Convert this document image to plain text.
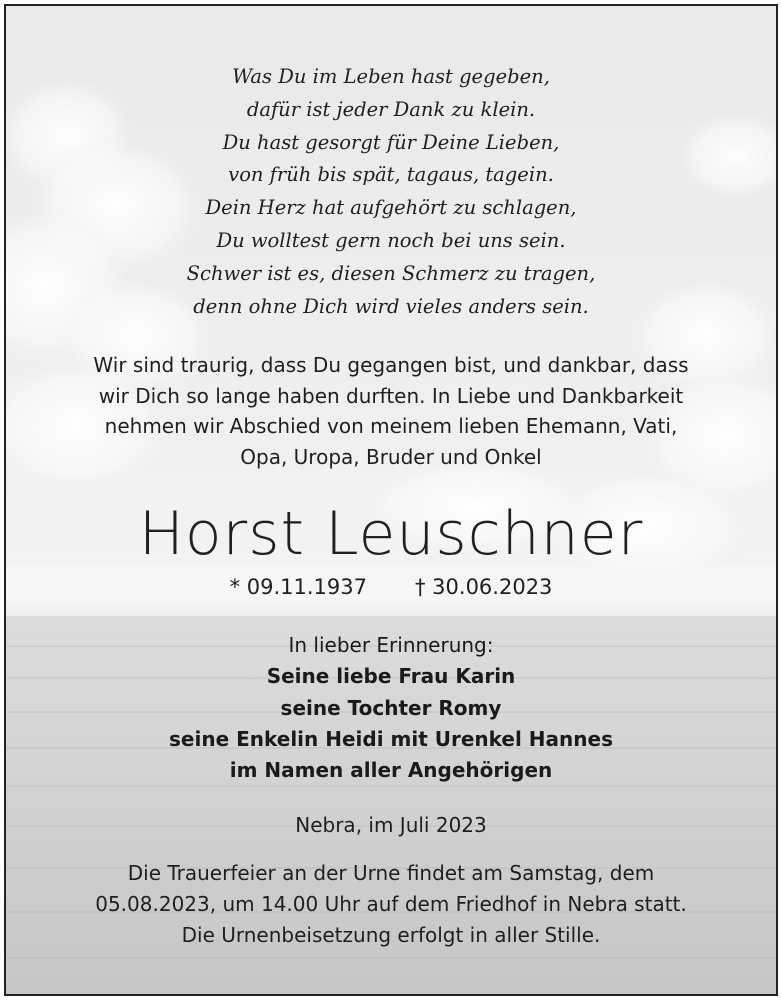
Was Du im Leben hast gegeben,
dafür ist jeder Dank zu klein.
Du hast gesorgt für Deine Lieben,
von früh bis spät, tagaus, tagein.
Dein Herz hat aufgehört zu schlagen,
Du wolltest gern noch bei uns sein.
Schwer ist es, diesen Schmerz zu tragen,
denn ohne Dich wird vieles anders sein.
Wir sind traurig, dass Du gegangen bist, und dankbar, dass
wir Dich so lange haben durften. In Liebe und Dankbarkeit
nehmen wir Abschied von meinem lieben Ehemann, Vati,
Opa, Uropa, Bruder und Onkel
Horst Leuschner
* 09.11.1937 † 30.06.2023
In lieber Erinnerung:
Seine liebe Frau Karin
seine Tochter Romy
seine Enkelin Heidi mit Urenkel Hannes
im Namen aller Angehörigen
Nebra, im Juli 2023
Die Trauerfeier an der Urne findet am Samstag, dem
05.08.2023, um 14.00 Uhr auf dem Friedhof in Nebra statt.
Die Urnenbeisetzung erfolgt in aller Stille.
